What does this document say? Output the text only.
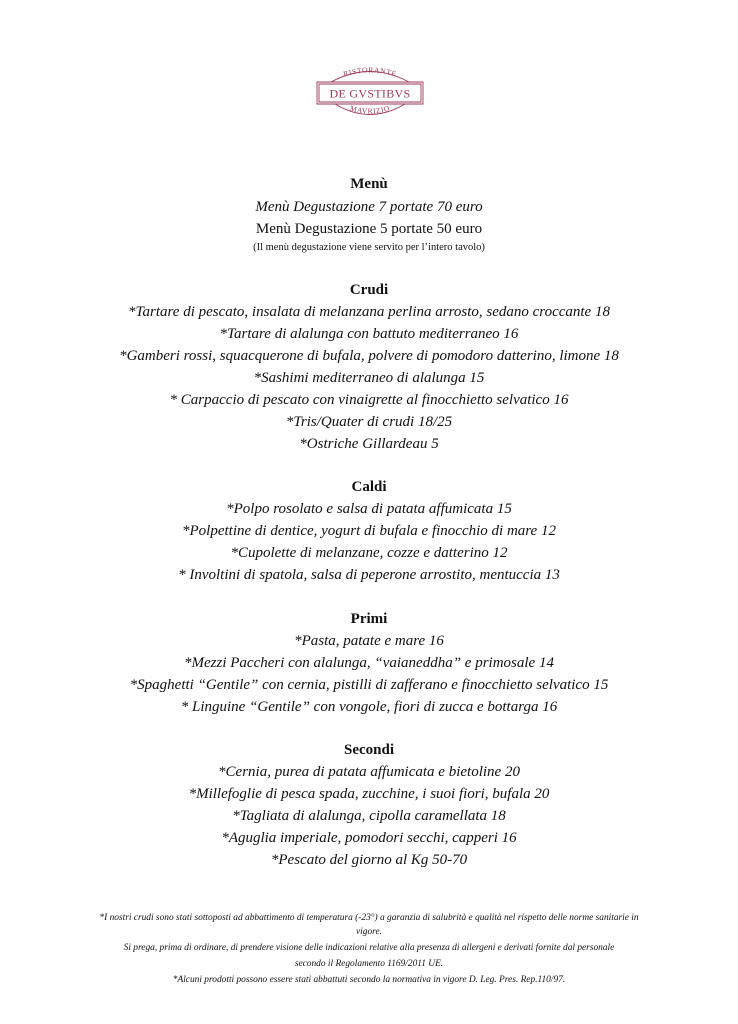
RISTORANTE
DE GVSTIBVS
MAVRIZIO
Menù
Menù Degustazione 7 portate 70 euro
Menù Degustazione 5 portate 50 euro
(Il menù degustazione viene servito per l’intero tavolo)
Crudi
*Tartare di pescato, insalata di melanzana perlina arrosto, sedano croccante 18
*Tartare di alalunga con battuto mediterraneo 16
*Gamberi rossi, squacquerone di bufala, polvere di pomodoro datterino, limone 18
*Sashimi mediterraneo di alalunga 15
* Carpaccio di pescato con vinaigrette al finocchietto selvatico 16
*Tris/Quater di crudi 18/25
*Ostriche Gillardeau 5
Caldi
*Polpo rosolato e salsa di patata affumicata 15
*Polpettine di dentice, yogurt di bufala e finocchio di mare 12
*Cupolette di melanzane, cozze e datterino 12
* Involtini di spatola, salsa di peperone arrostito, mentuccia 13
Primi
*Pasta, patate e mare 16
*Mezzi Paccheri con alalunga, “vaianeddha” e primosale 14
*Spaghetti “Gentile” con cernia, pistilli di zafferano e finocchietto selvatico 15
* Linguine “Gentile” con vongole, fiori di zucca e bottarga 16
Secondi
*Cernia, purea di patata affumicata e bietoline 20
*Millefoglie di pesca spada, zucchine, i suoi fiori, bufala 20
*Tagliata di alalunga, cipolla caramellata 18
*Aguglia imperiale, pomodori secchi, capperi 16
*Pescato del giorno al Kg 50-70
*I nostri crudi sono stati sottoposti ad abbattimento di temperatura (-23°) a garanzia di salubrità e qualità nel rispetto delle norme sanitarie in
vigore.
Si prega, prima di ordinare, di prendere visione delle indicazioni relative alla presenza di allergeni e derivati fornite dal personale
secondo il Regolamento 1169/2011 UE.
*Alcuni prodotti possono essere stati abbattuti secondo la normativa in vigore D. Leg. Pres. Rep.110/97.
